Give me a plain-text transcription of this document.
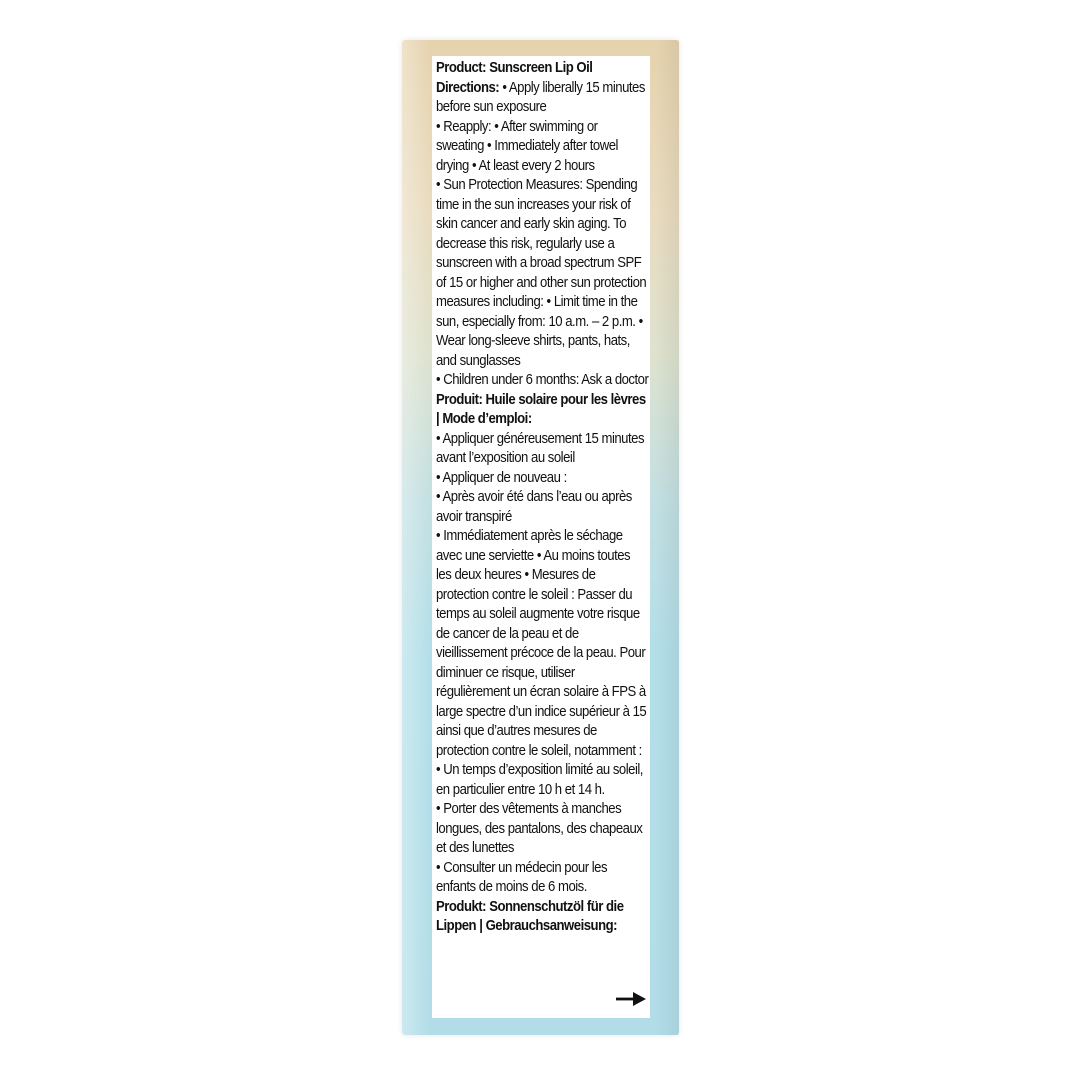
Product: Sunscreen Lip Oil
Directions: • Apply liberally 15 minutes before sun exposure
• Reapply: • After swimming or sweating • Immediately after towel drying • At least every 2 hours
• Sun Protection Measures: Spending time in the sun increases your risk of skin cancer and early skin aging. To decrease this risk, regularly use a sunscreen with a broad spectrum SPF of 15 or higher and other sun protection measures including: • Limit time in the sun, especially from: 10 a.m. – 2 p.m. • Wear long-sleeve shirts, pants, hats, and sunglasses
• Children under 6 months: Ask a doctor
Produit: Huile solaire pour les lèvres | Mode d’emploi:
• Appliquer généreusement 15 minutes avant l’exposition au soleil
• Appliquer de nouveau :
• Après avoir été dans l’eau ou après avoir transpiré
• Immédiatement après le séchage avec une serviette • Au moins toutes les deux heures • Mesures de protection contre le soleil : Passer du temps au soleil augmente votre risque de cancer de la peau et de vieillissement précoce de la peau. Pour diminuer ce risque, utiliser régulièrement un écran solaire à FPS à large spectre d’un indice supérieur à 15 ainsi que d’autres mesures de protection contre le soleil, notamment : • Un temps d’exposition limité au soleil, en particulier entre 10 h et 14 h.
• Porter des vêtements à manches longues, des pantalons, des chapeaux et des lunettes
• Consulter un médecin pour les enfants de moins de 6 mois.
Produkt: Sonnenschutzöl für die Lippen | Gebrauchsanweisung:
